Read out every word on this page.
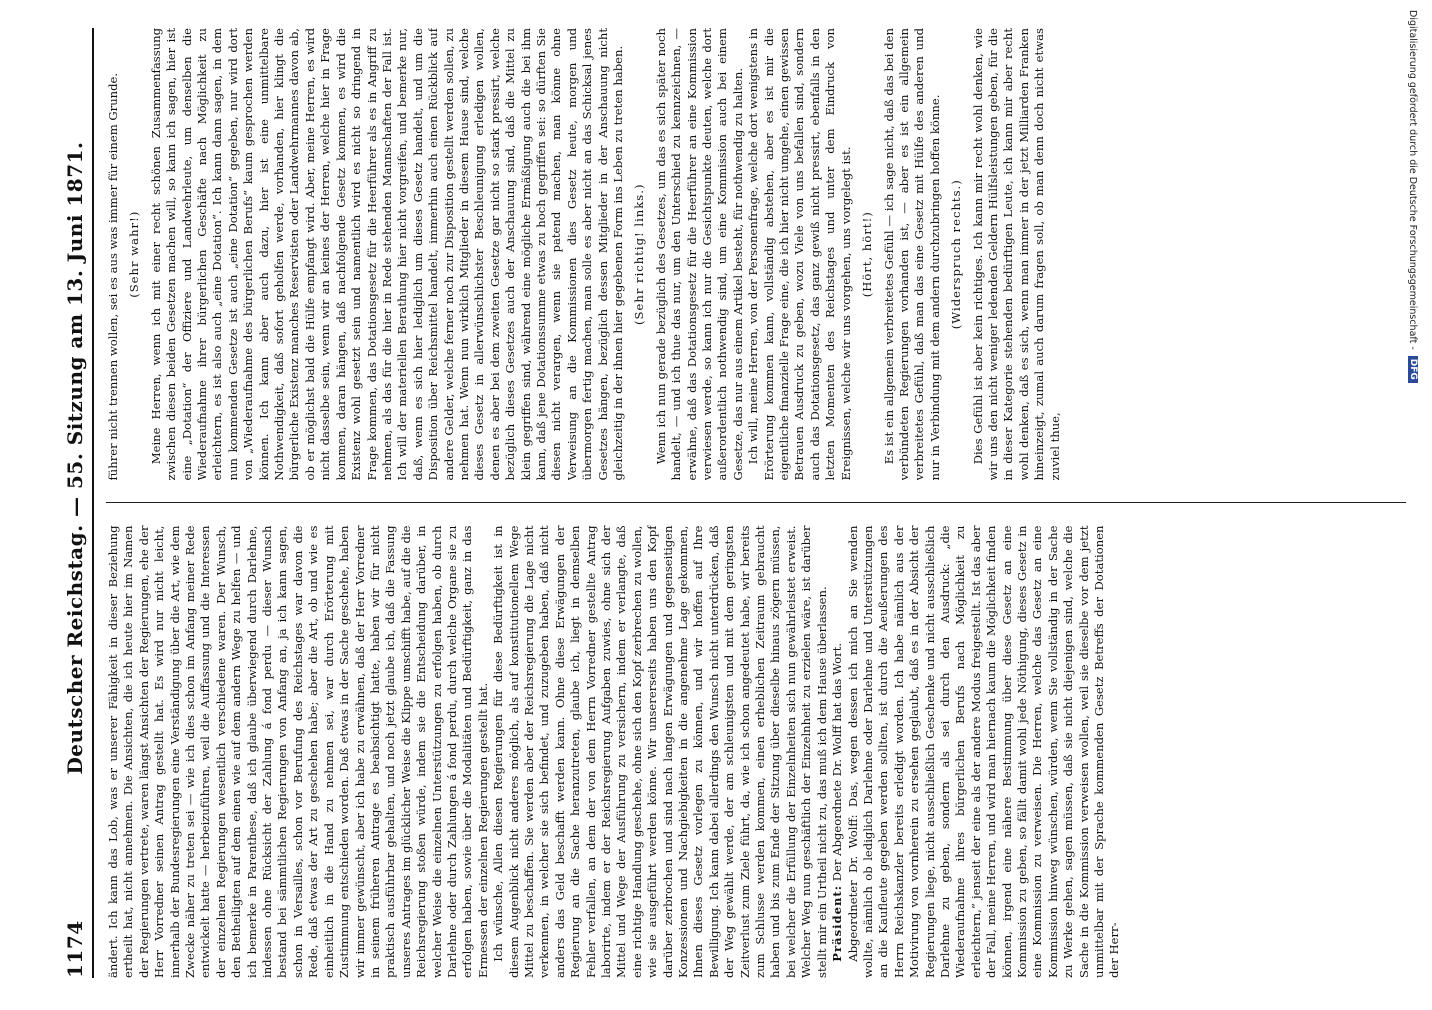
1174
Deutscher Reichstag. — 55. Sitzung am 13. Juni 1871. ändert. Ich kann das Lob, was er unserer Fähigkeit in dieser Beziehung ertheilt hat, nicht annehmen. Die Ansichten, die ich heute hier im Namen der Regierungen vertrete, waren längst Ansichten der Regierungen, ehe der Herr Vorredner seinen Antrag gestellt hat. Es wird nur nicht leicht, innerhalb der Bundesregierungen eine Verständigung über die Art, wie dem Zwecke näher zu treten sei — wie ich dies schon im Anfang meiner Rede entwickelt hatte — herbeizuführen, weil die Auffassung und die Interessen der einzelnen Regierungen wesentlich verschiedene waren. Der Wunsch, den Betheiligten auf dem einen wie auf dem andern Wege zu helfen — und ich bemerke in Parenthese, daß ich glaube überwiegend durch Darlehne, indessen ohne Rücksicht der Zahlung á fond perdu — dieser Wunsch bestand bei sämmtlichen Regierungen von Anfang an, ja ich kann sagen, schon in Versailles, schon vor Berufung des Reichstages war davon die Rede, daß etwas der Art zu geschehen habe; aber die Art, ob und wie es einheitlich in die Hand zu nehmen sei, war durch Erörterung mit Zustimmung entschieden worden. Daß etwas in der Sache geschehe, haben wir immer gewünscht, aber ich habe zu erwähnen, daß der Herr Vorredner in seinem früheren Antrage es beabsichtigt hatte, haben wir für nicht praktisch ausführbar gehalten, und noch jetzt glaube ich, daß die Fassung unseres Antrages im glücklicher Weise die Klippe umschifft habe, auf die die Reichsregierung stoßen würde, indem sie die Entscheidung darüber, in welcher Weise die einzelnen Unterstützungen zu erfolgen haben, ob durch Darlehne oder durch Zahlungen á fond perdu, durch welche Organe sie zu erfolgen haben, sowie über die Modalitäten und Bedürftigkeit, ganz in das Ermessen der einzelnen Regierungen gestellt hat. Ich wünsche, Allen diesen Regierungen für diese Bedürftigkeit ist in diesem Augenblick nicht anderes möglich, als auf konstitutionellem Wege Mittel zu beschaffen. Sie werden aber der Reichsregierung die Lage nicht verkennen, in welcher sie sich befindet, und zuzugeben haben, daß nicht anders das Geld beschafft werden kann. Ohne diese Erwägungen der Regierung an die Sache heranzutreten, glaube ich, liegt in demselben Fehler verfallen, an dem der von dem Herrn Vorredner gestellte Antrag laborirte, indem er der Reichsregierung Aufgaben zuwies, ohne sich der Mittel und Wege der Ausführung zu versichern, indem er verlangte, daß eine richtige Handlung geschehe, ohne sich den Kopf zerbrechen zu wollen, wie sie ausgeführt werden könne. Wir unsererseits haben uns den Kopf darüber zerbrochen und sind nach langen Erwägungen und gegenseitigen Konzessionen und Nachgiebigkeiten in die angenehme Lage gekommen, Ihnen dieses Gesetz vorlegen zu können, und wir hoffen auf Ihre Bewilligung. Ich kann dabei allerdings den Wunsch nicht unterdrücken, daß der Weg gewählt werde, der am schleunigsten und mit dem geringsten Zeitverlust zum Ziele führt, da, wie ich schon angedeutet habe, wir bereits zum Schlusse werden kommen, einen erheblichen Zeitraum gebraucht haben und bis zum Ende der Sitzung über dieselbe hinaus zögern müssen, bei welcher die Erfüllung der Einzelnheiten sich nun gewährleistet erweist. Welcher Weg nun geschäftlich der Einzelnheit zu erzielen wäre, ist darüber stellt mir ein Urtheil nicht zu, das muß ich dem Hause überlassen. Präsident: Der Abgeordnete Dr. Wolff hat das Wort. Abgeordneter Dr. Wolff: Das, wegen dessen ich mich an Sie wenden wollte, nämlich ob lediglich Darlehne oder Darlehne und Unterstützungen an die Kaufleute gegeben werden sollten, ist durch die Aeußerungen des Herrn Reichskanzler bereits erledigt worden. Ich habe nämlich aus der Motivirung von vornherein zu ersehen geglaubt, daß es in der Absicht der Regierungen liege, nicht ausschließlich Geschenke und nicht ausschließlich Darlehne zu geben, sondern als sei durch den Ausdruck: „die Wiederaufnahme ihres bürgerlichen Berufs nach Möglichkeit zu erleichtern,“ jenseit der eine als der andere Modus freigestellt. Ist das aber der Fall, meine Herren, und wird man hiernach kaum die Möglichkeit finden können, irgend eine nähere Bestimmung über diese Gesetz an eine Kommission zu geben, so fällt damit wohl jede Nöthigung, dieses Gesetz in eine Kommission zu verweisen. Die Herren, welche das Gesetz an eine Kommission hinweg wünschen, würden, wenn Sie vollständig in der Sache zu Werke gehen, sagen müssen, daß sie nicht diejenigen sind, welche die Sache in die Kommission verweisen wollen, weil sie dieselbe vor dem jetzt unmittelbar mit der Sprache kommenden Gesetz Betreffs der Dotationen der Herr-

führer nicht trennen wollen, sei es aus was immer für einem Grunde. (Sehr wahr!) Meine Herren, wenn ich mit einer recht schönen Zusammenfassung zwischen diesen beiden Gesetzen machen will, so kann ich sagen, hier ist eine „Dotation“ der Offiziere und Landwehrleute, um denselben die Wiederaufnahme ihrer bürgerlichen Geschäfte nach Möglichkeit zu erleichtern, es ist also auch „eine Dotation“. Ich kann dann sagen, in dem nun kommenden Gesetze ist auch „eine Dotation“ gegeben, nur wird dort von „Wiederaufnahme des bürgerlichen Berufs“ kaum gesprochen werden können. Ich kann aber auch dazu, hier ist eine unmittelbare Nothwendigkeit, daß sofort geholfen werde, vorhanden, hier klingt die bürgerliche Existenz manches Reservisten oder Landwehrmannes davon ab, ob er möglichst bald die Hülfe empfangt wird. Aber, meine Herren, es wird nicht dasselbe sein, wenn wir an keines der Herren, welche hier in Frage kommen, daran hängen, daß nachfolgende Gesetz kommen, es wird die Existenz wohl gesetzt sein und namentlich wird es nicht so dringend in Frage kommen, das Dotationsgesetz für die Heerführer als es in Angriff zu nehmen, als das für die hier in Rede stehenden Mannschaften der Fall ist. Ich will der materiellen Berathung hier nicht vorgreifen, und bemerke nur, daß, wenn es sich hier lediglich um dieses Gesetz handelt, und um die Disposition über Reichsmittel handelt, immerhin auch einen Rückblick auf andere Gelder, welche ferner noch zur Disposition gestellt werden sollen, zu nehmen hat. Wenn nun wirklich Mitglieder in diesem Hause sind, welche dieses Gesetz in allerwünschlichster Beschleunigung erledigen wollen, denen es aber bei dem zweiten Gesetze gar nicht so stark pressirt, welche bezüglich dieses Gesetzes auch der Anschauung sind, daß die Mittel zu klein gegriffen sind, während eine mögliche Ermäßigung auch die bei ihm kann, daß jene Dotationssumme etwas zu hoch gegriffen sei: so dürften Sie diesen nicht verargen, wenn sie patend machen, man könne ohne Verweisung an die Kommissionen dies Gesetz heute, morgen und übermorgen fertig machen, man solle es aber nicht an das Schicksal jenes Gesetzes hängen, bezüglich dessen Mitglieder in der Anschauung nicht gleichzeitig in der ihnen hier gegebenen Form ins Leben zu treten haben. (Sehr richtig! links.) Wenn ich nun gerade bezüglich des Gesetzes, um das es sich später noch handelt, — und ich thue das nur, um den Unterschied zu kennzeichnen, — erwähne, daß das Dotationsgesetz für die Heerführer an eine Kommission verwiesen werde, so kann ich nur die Gesichtspunkte deuten, welche dort außerordentlich nothwendig sind, um eine Kommission auch bei einem Gesetze, das nur aus einem Artikel besteht, für nothwendig zu halten. Ich will, meine Herren, von der Personenfrage, welche dort wenigstens in Erörterung kommen kann, vollständig abstehen, aber es ist mir die eigentliche finanzielle Frage eine, die ich hier nicht umgehe, einen gewissen Betrauen Ausdruck zu geben, wozu Viele von uns befallen sind, sondern auch das Dotationsgesetz, das ganz gewiß nicht pressirt, ebenfalls in den letzten Momenten des Reichstages und unter dem Eindruck von Ereignissen, welche wir uns vorgehen, uns vorgelegt ist. (Hört, hört!) Es ist ein allgemein verbreitetes Gefühl — ich sage nicht, daß das bei den verbündeten Regierungen vorhanden ist, — aber es ist ein allgemein verbreitetes Gefühl, daß man das eine Gesetz mit Hülfe des anderen und nur in Verbindung mit dem andern durchzubringen hoffen könne. (Widerspruch rechts.) Dies Gefühl ist aber kein richtiges. Ich kann mir recht wohl denken, wie wir uns den nicht weniger ledenden Geldern Hülfsleistungen geben, für die in dieser Kategorie stehenden bedürftigen Leute, ich kann mir aber recht wohl denken, daß es sich, wenn man immer in der jetzt Milliarden Franken hineinzeigt, zumal auch darum fragen soll, ob man denn doch nicht etwas zuviel thue,

Digitalisierung gefördert durch die Deutsche Forschungsgemeinschaft -
DFG
